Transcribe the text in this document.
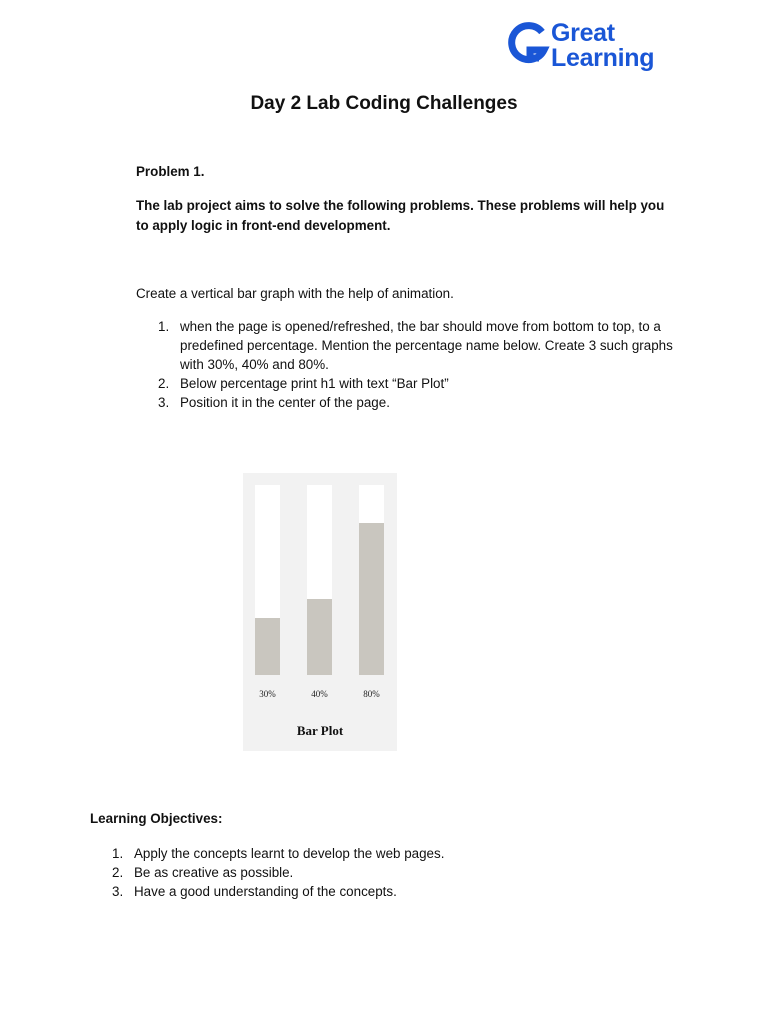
Great
Learning
Day 2 Lab Coding Challenges
Problem 1.
The lab project aims to solve the following problems. These problems will help you to apply logic in front-end development.
Create a vertical bar graph with the help of animation.
1. when the page is opened/refreshed, the bar should move from bottom to top, to a predefined percentage. Mention the percentage name below. Create 3 such graphs with 30%, 40% and 80%.
2. Below percentage print h1 with text “Bar Plot”
3. Position it in the center of the page.
30%	40%	80%
Bar Plot
Learning Objectives:
1. Apply the concepts learnt to develop the web pages.
2. Be as creative as possible.
3. Have a good understanding of the concepts.
